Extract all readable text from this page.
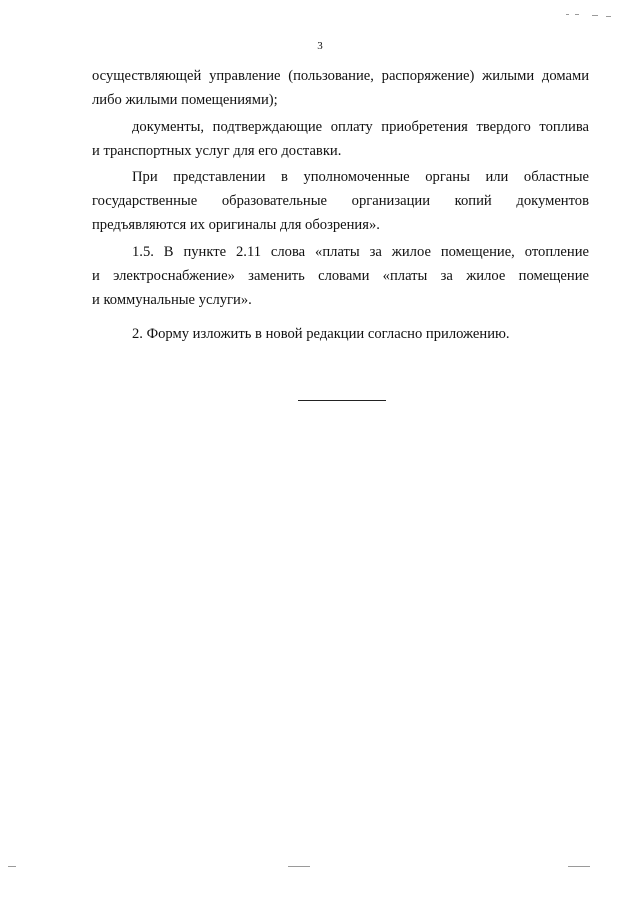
3
осуществляющей управление (пользование, распоряжение) жилыми домами
либо жилыми помещениями);
документы, подтверждающие оплату приобретения твердого топлива
и транспортных услуг для его доставки.
При представлении в уполномоченные органы или областные
государственные образовательные организации копий документов
предъявляются их оригиналы для обозрения».
1.5. В пункте 2.11 слова «платы за жилое помещение, отопление
и электроснабжение» заменить словами «платы за жилое помещение
и коммунальные услуги».
2. Форму изложить в новой редакции согласно приложению.
